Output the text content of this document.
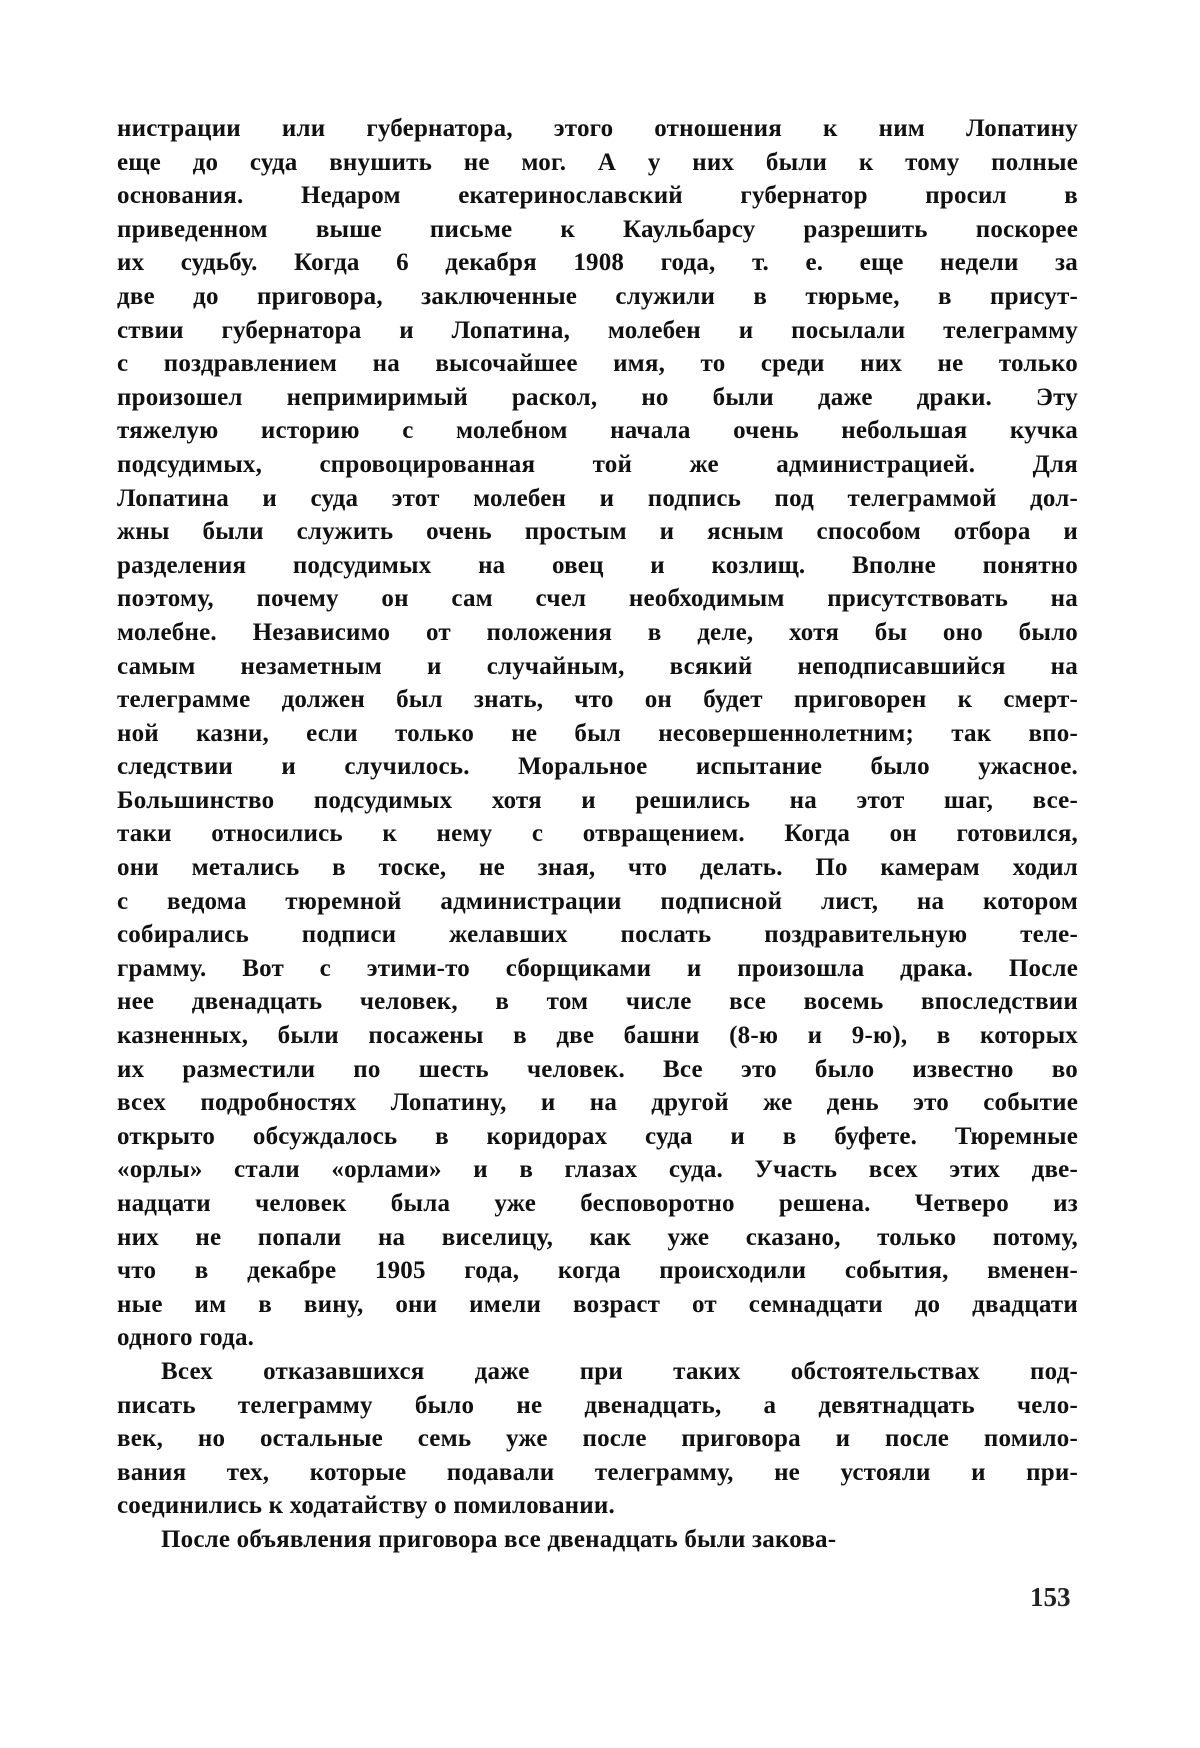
нистрации или губернатора, этого отношения к ним Лопатину
еще до суда внушить не мог. А у них были к тому полные
основания. Недаром екатеринославский губернатор просил в
приведенном выше письме к Каульбарсу разрешить поскорее
их судьбу. Когда 6 декабря 1908 года, т. е. еще недели за
две до приговора, заключенные служили в тюрьме, в присут-
ствии губернатора и Лопатина, молебен и посылали телеграмму
с поздравлением на высочайшее имя, то среди них не только
произошел непримиримый раскол, но были даже драки. Эту
тяжелую историю с молебном начала очень небольшая кучка
подсудимых, спровоцированная той же администрацией. Для
Лопатина и суда этот молебен и подпись под телеграммой дол-
жны были служить очень простым и ясным способом отбора и
разделения подсудимых на овец и козлищ. Вполне понятно
поэтому, почему он сам счел необходимым присутствовать на
молебне. Независимо от положения в деле, хотя бы оно было
самым незаметным и случайным, всякий неподписавшийся на
телеграмме должен был знать, что он будет приговорен к смерт-
ной казни, если только не был несовершеннолетним; так впо-
следствии и случилось. Моральное испытание было ужасное.
Большинство подсудимых хотя и решились на этот шаг, все-
таки относились к нему с отвращением. Когда он готовился,
они метались в тоске, не зная, что делать. По камерам ходил
с ведома тюремной администрации подписной лист, на котором
собирались подписи желавших послать поздравительную теле-
грамму. Вот с этими-то сборщиками и произошла драка. После
нее двенадцать человек, в том числе все восемь впоследствии
казненных, были посажены в две башни (8-ю и 9-ю), в которых
их разместили по шесть человек. Все это было известно во
всех подробностях Лопатину, и на другой же день это событие
открыто обсуждалось в коридорах суда и в буфете. Тюремные
«орлы» стали «орлами» и в глазах суда. Участь всех этих две-
надцати человек была уже бесповоротно решена. Четверо из
них не попали на виселицу, как уже сказано, только потому,
что в декабре 1905 года, когда происходили события, вменен-
ные им в вину, они имели возраст от семнадцати до двадцати
одного года.
Всех отказавшихся даже при таких обстоятельствах под-
писать телеграмму было не двенадцать, а девятнадцать чело-
век, но остальные семь уже после приговора и после помило-
вания тех, которые подавали телеграмму, не устояли и при-
соединились к ходатайству о помиловании.
После объявления приговора все двенадцать были закова-
153
